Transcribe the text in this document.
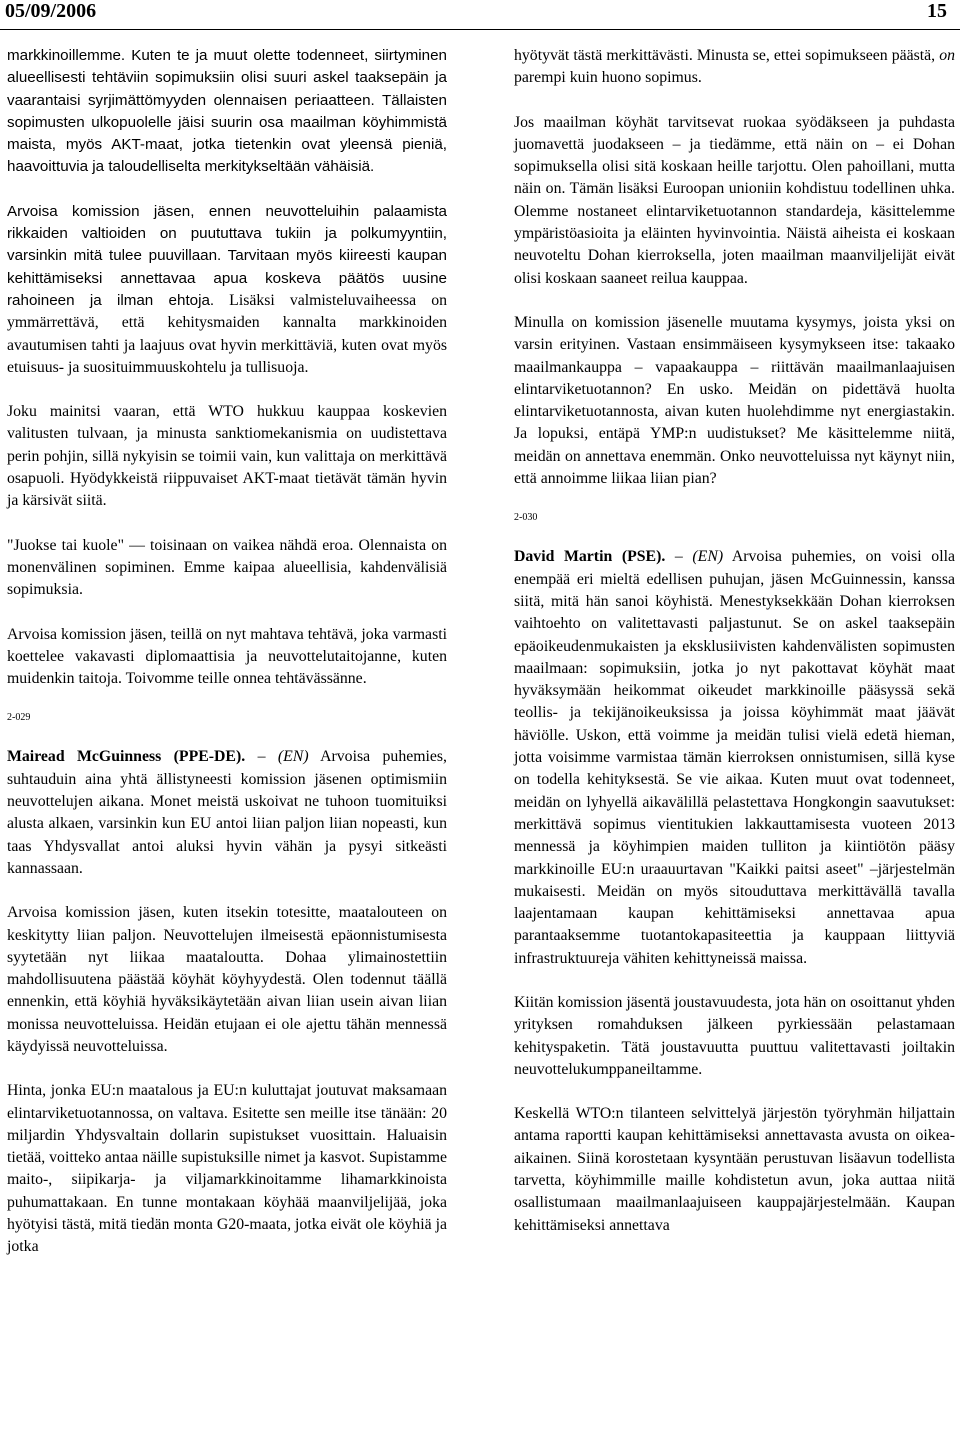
05/09/2006	15

markkinoillemme. Kuten te ja muut olette todenneet, siirtyminen alueellisesti tehtäviin sopimuksiin olisi suuri askel taaksepäin ja vaarantaisi syrjimättömyyden olennaisen periaatteen. Tällaisten sopimusten ulkopuolelle jäisi suurin osa maailman köyhimmistä maista, myös AKT-maat, jotka tietenkin ovat yleensä pieniä, haavoittuvia ja taloudelliselta merkitykseltään vähäisiä.

Arvoisa komission jäsen, ennen neuvotteluihin palaamista rikkaiden valtioiden on puututtava tukiin ja polkumyyntiin, varsinkin mitä tulee puuvillaan. Tarvitaan myös kiireesti kaupan kehittämiseksi annettavaa apua koskeva päätös uusine rahoineen ja ilman ehtoja. Lisäksi valmisteluvaiheessa on ymmärrettävä, että kehitysmaiden kannalta markkinoiden avautumisen tahti ja laajuus ovat hyvin merkittäviä, kuten ovat myös etuisuus- ja suosituimmuuskohtelu ja tullisuoja.

Joku mainitsi vaaran, että WTO hukkuu kauppaa koskevien valitusten tulvaan, ja minusta sanktiomekanismia on uudistettava perin pohjin, sillä nykyisin se toimii vain, kun valittaja on merkittävä osapuoli. Hyödykkeistä riippuvaiset AKT-maat tietävät tämän hyvin ja kärsivät siitä.

"Juokse tai kuole" — toisinaan on vaikea nähdä eroa. Olennaista on monenvälinen sopiminen. Emme kaipaa alueellisia, kahdenvälisiä sopimuksia.

Arvoisa komission jäsen, teillä on nyt mahtava tehtävä, joka varmasti koettelee vakavasti diplomaattisia ja neuvottelutaitojanne, kuten muidenkin taitoja. Toivomme teille onnea tehtävässänne.

2-029

Mairead McGuinness (PPE-DE). – (EN) Arvoisa puhemies, suhtauduin aina yhtä ällistyneesti komission jäsenen optimismiin neuvottelujen aikana. Monet meistä uskoivat ne tuhoon tuomituiksi alusta alkaen, varsinkin kun EU antoi liian paljon liian nopeasti, kun taas Yhdysvallat antoi aluksi hyvin vähän ja pysyi sitkeästi kannassaan.

Arvoisa komission jäsen, kuten itsekin totesitte, maatalouteen on keskitytty liian paljon. Neuvottelujen ilmeisestä epäonnistumisesta syytetään nyt liikaa maataloutta. Dohaa ylimainostettiin mahdollisuutena päästää köyhät köyhyydestä. Olen todennut täällä ennenkin, että köyhiä hyväksikäytetään aivan liian usein aivan liian monissa neuvotteluissa. Heidän etujaan ei ole ajettu tähän mennessä käydyissä neuvotteluissa.

Hinta, jonka EU:n maatalous ja EU:n kuluttajat joutuvat maksamaan elintarviketuotannossa, on valtava. Esitette sen meille itse tänään: 20 miljardin Yhdysvaltain dollarin supistukset vuosittain. Haluaisin tietää, voitteko antaa näille supistuksille nimet ja kasvot. Supistamme maito-, siipikarja- ja viljamarkkinoitamme lihamarkkinoista puhumattakaan. En tunne montakaan köyhää maanviljelijää, joka hyötyisi tästä, mitä tiedän monta G20-maata, jotka eivät ole köyhiä ja jotka

hyötyvät tästä merkittävästi. Minusta se, ettei sopimukseen päästä, on parempi kuin huono sopimus.

Jos maailman köyhät tarvitsevat ruokaa syödäkseen ja puhdasta juomavettä juodakseen – ja tiedämme, että näin on – ei Dohan sopimuksella olisi sitä koskaan heille tarjottu. Olen pahoillani, mutta näin on. Tämän lisäksi Euroopan unioniin kohdistuu todellinen uhka. Olemme nostaneet elintarviketuotannon standardeja, käsittelemme ympäristöasioita ja eläinten hyvinvointia. Näistä aiheista ei koskaan neuvoteltu Dohan kierroksella, joten maailman maanviljelijät eivät olisi koskaan saaneet reilua kauppaa.

Minulla on komission jäsenelle muutama kysymys, joista yksi on varsin erityinen. Vastaan ensimmäiseen kysymykseen itse: takaako maailmankauppa – vapaakauppa – riittävän maailmanlaajuisen elintarviketuotannon? En usko. Meidän on pidettävä huolta elintarviketuotannosta, aivan kuten huolehdimme nyt energiastakin. Ja lopuksi, entäpä YMP:n uudistukset? Me käsittelemme niitä, meidän on annettava enemmän. Onko neuvotteluissa nyt käynyt niin, että annoimme liikaa liian pian?

2-030

David Martin (PSE). – (EN) Arvoisa puhemies, on voisi olla enempää eri mieltä edellisen puhujan, jäsen McGuinnessin, kanssa siitä, mitä hän sanoi köyhistä. Menestyksekkään Dohan kierroksen vaihtoehto on valitettavasti paljastunut. Se on askel taaksepäin epäoikeudenmukaisten ja eksklusiivisten kahdenvälisten sopimusten maailmaan: sopimuksiin, jotka jo nyt pakottavat köyhät maat hyväksymään heikommat oikeudet markkinoille pääsyssä sekä teollis- ja tekijänoikeuksissa ja joissa köyhimmät maat jäävät häviölle. Uskon, että voimme ja meidän tulisi vielä edetä hieman, jotta voisimme varmistaa tämän kierroksen onnistumisen, sillä kyse on todella kehityksestä. Se vie aikaa. Kuten muut ovat todenneet, meidän on lyhyellä aikavälillä pelastettava Hongkongin saavutukset: merkittävä sopimus vientitukien lakkauttamisesta vuoteen 2013 mennessä ja köyhimpien maiden tulliton ja kiintiötön pääsy markkinoille EU:n uraauurtavan "Kaikki paitsi aseet" –järjestelmän mukaisesti. Meidän on myös sitouduttava merkittävällä tavalla laajentamaan kaupan kehittämiseksi annettavaa apua parantaaksemme tuotantokapasiteettia ja kauppaan liittyviä infrastruktuureja vähiten kehittyneissä maissa.

Kiitän komission jäsentä joustavuudesta, jota hän on osoittanut yhden yrityksen romahduksen jälkeen pyrkiessään pelastamaan kehityspaketin. Tätä joustavuutta puuttuu valitettavasti joiltakin neuvottelukumppaneiltamme.

Keskellä WTO:n tilanteen selvittelyä järjestön työryhmän hiljattain antama raportti kaupan kehittämiseksi annettavasta avusta on oikea-aikainen. Siinä korostetaan kysyntään perustuvan lisäavun todellista tarvetta, köyhimmille maille kohdistetun avun, joka auttaa niitä osallistumaan maailmanlaajuiseen kauppajärjestelmään. Kaupan kehittämiseksi annettava
